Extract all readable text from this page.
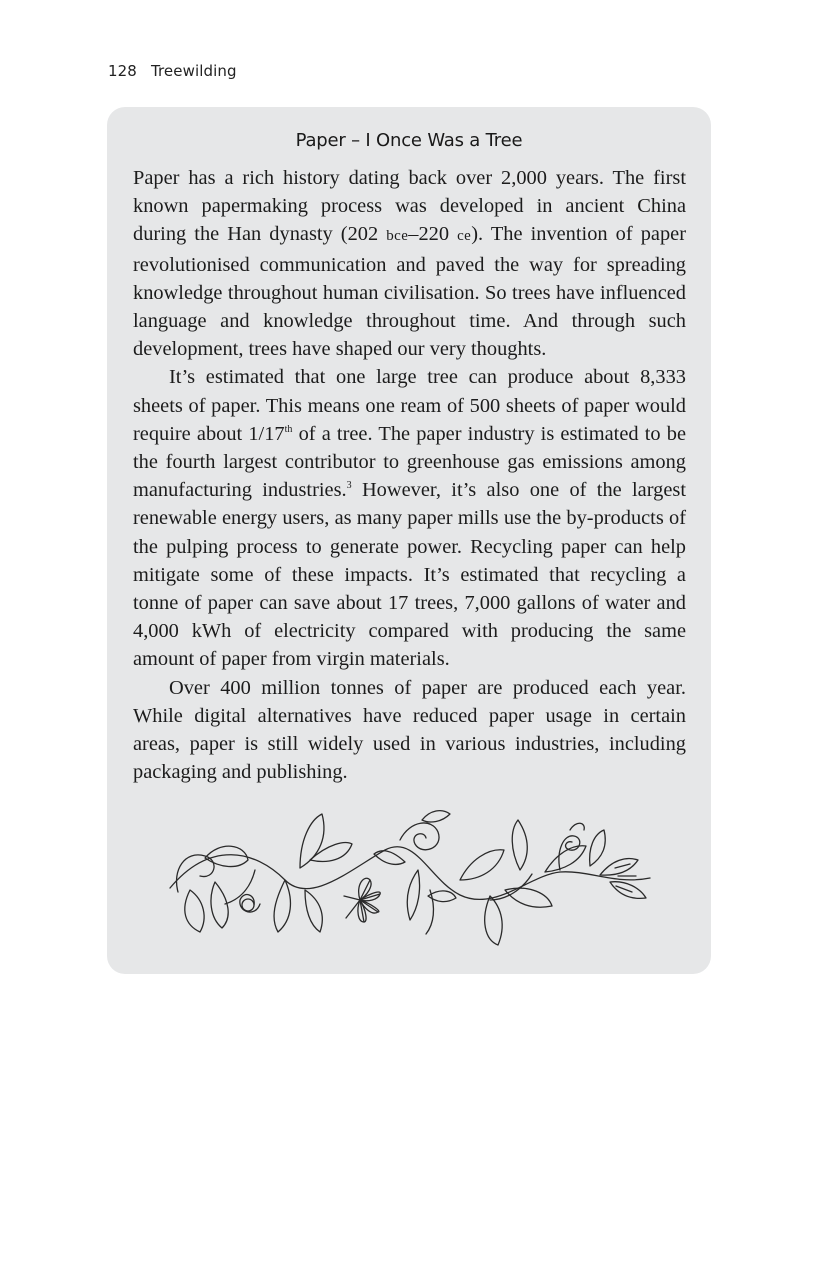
128 Treewilding
Paper – I Once Was a Tree

Paper has a rich history dating back over 2,000 years. The first known papermaking process was developed in ancient China during the Han dynasty (202 bce–220 ce). The invention of paper revolutionised communication and paved the way for spreading knowledge throughout human civilisation. So trees have influenced language and knowledge throughout time. And through such development, trees have shaped our very thoughts.

It’s estimated that one large tree can produce about 8,333 sheets of paper. This means one ream of 500 sheets of paper would require about 1/17th of a tree. The paper industry is estimated to be the fourth largest contributor to greenhouse gas emissions among manufacturing industries.$^3$ However, it’s also one of the largest renewable energy users, as many paper mills use the by-products of the pulping process to generate power. Recycling paper can help mitigate some of these impacts. It’s estimated that recycling a tonne of paper can save about 17 trees, 7,000 gallons of water and 4,000 kWh of electricity compared with producing the same amount of paper from virgin materials.

Over 400 million tonnes of paper are produced each year. While digital alternatives have reduced paper usage in certain areas, paper is still widely used in various industries, including packaging and publishing.
